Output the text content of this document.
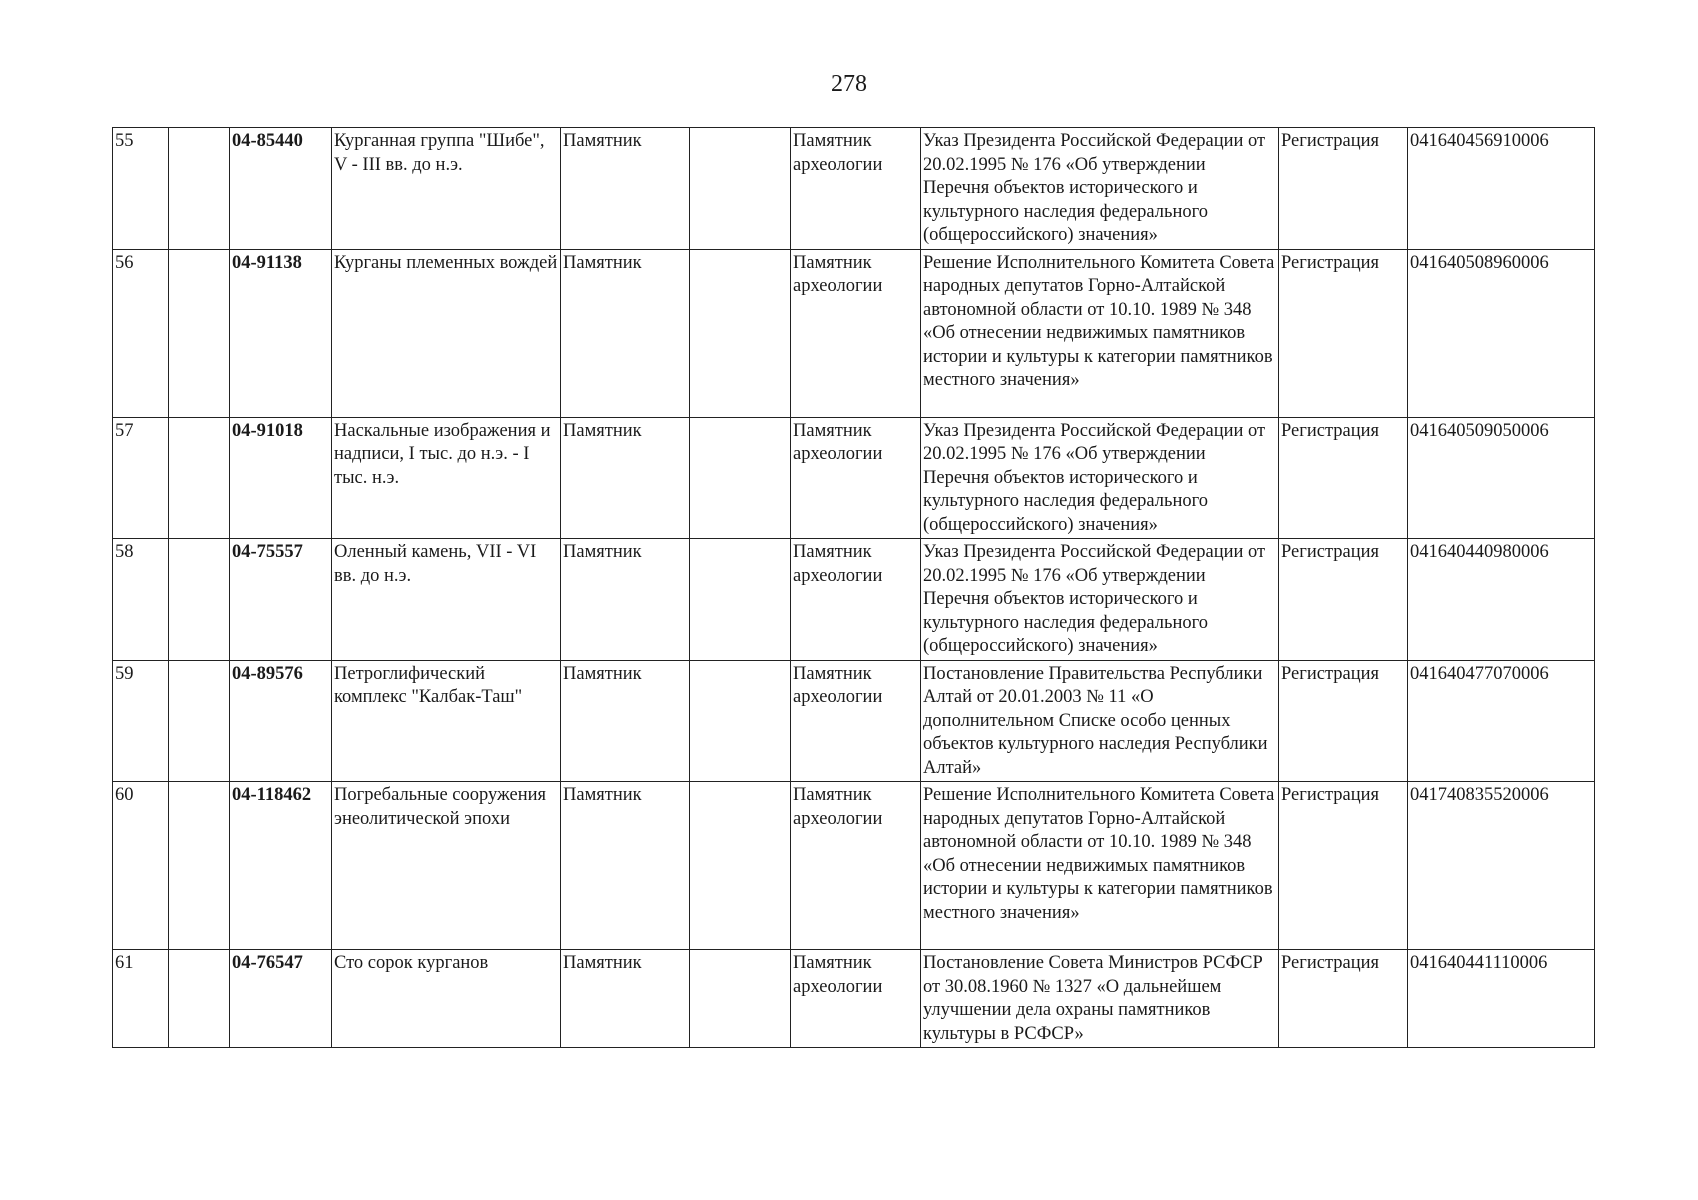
278
55		04-85440	Курганная группа "Шибе", V - III вв. до н.э.	Памятник		Памятник археологии	Указ Президента Российской Федерации от 20.02.1995 № 176 «Об утверждении Перечня объектов исторического и культурного наследия федерального (общероссийского) значения»	Регистрация	041640456910006
56		04-91138	Курганы племенных вождей	Памятник		Памятник археологии	Решение Исполнительного Комитета Совета народных депутатов Горно-Алтайской автономной области от 10.10. 1989 № 348 «Об отнесении недвижимых памятников истории и культуры к категории памятников местного значения»	Регистрация	041640508960006
57		04-91018	Наскальные изображения и надписи, I тыс. до н.э. - I тыс. н.э.	Памятник		Памятник археологии	Указ Президента Российской Федерации от 20.02.1995 № 176 «Об утверждении Перечня объектов исторического и культурного наследия федерального (общероссийского) значения»	Регистрация	041640509050006
58		04-75557	Оленный камень, VII - VI вв. до н.э.	Памятник		Памятник археологии	Указ Президента Российской Федерации от 20.02.1995 № 176 «Об утверждении Перечня объектов исторического и культурного наследия федерального (общероссийского) значения»	Регистрация	041640440980006
59		04-89576	Петроглифический комплекс "Калбак-Таш"	Памятник		Памятник археологии	Постановление Правительства Республики Алтай от 20.01.2003 № 11 «О дополнительном Списке особо ценных объектов культурного наследия Республики Алтай»	Регистрация	041640477070006
60		04-118462	Погребальные сооружения энеолитической эпохи	Памятник		Памятник археологии	Решение Исполнительного Комитета Совета народных депутатов Горно-Алтайской автономной области от 10.10. 1989 № 348 «Об отнесении недвижимых памятников истории и культуры к категории памятников местного значения»	Регистрация	041740835520006
61		04-76547	Сто сорок курганов	Памятник		Памятник археологии	Постановление Совета Министров РСФСР от 30.08.1960 № 1327 «О дальнейшем улучшении дела охраны памятников культуры в РСФСР»	Регистрация	041640441110006
